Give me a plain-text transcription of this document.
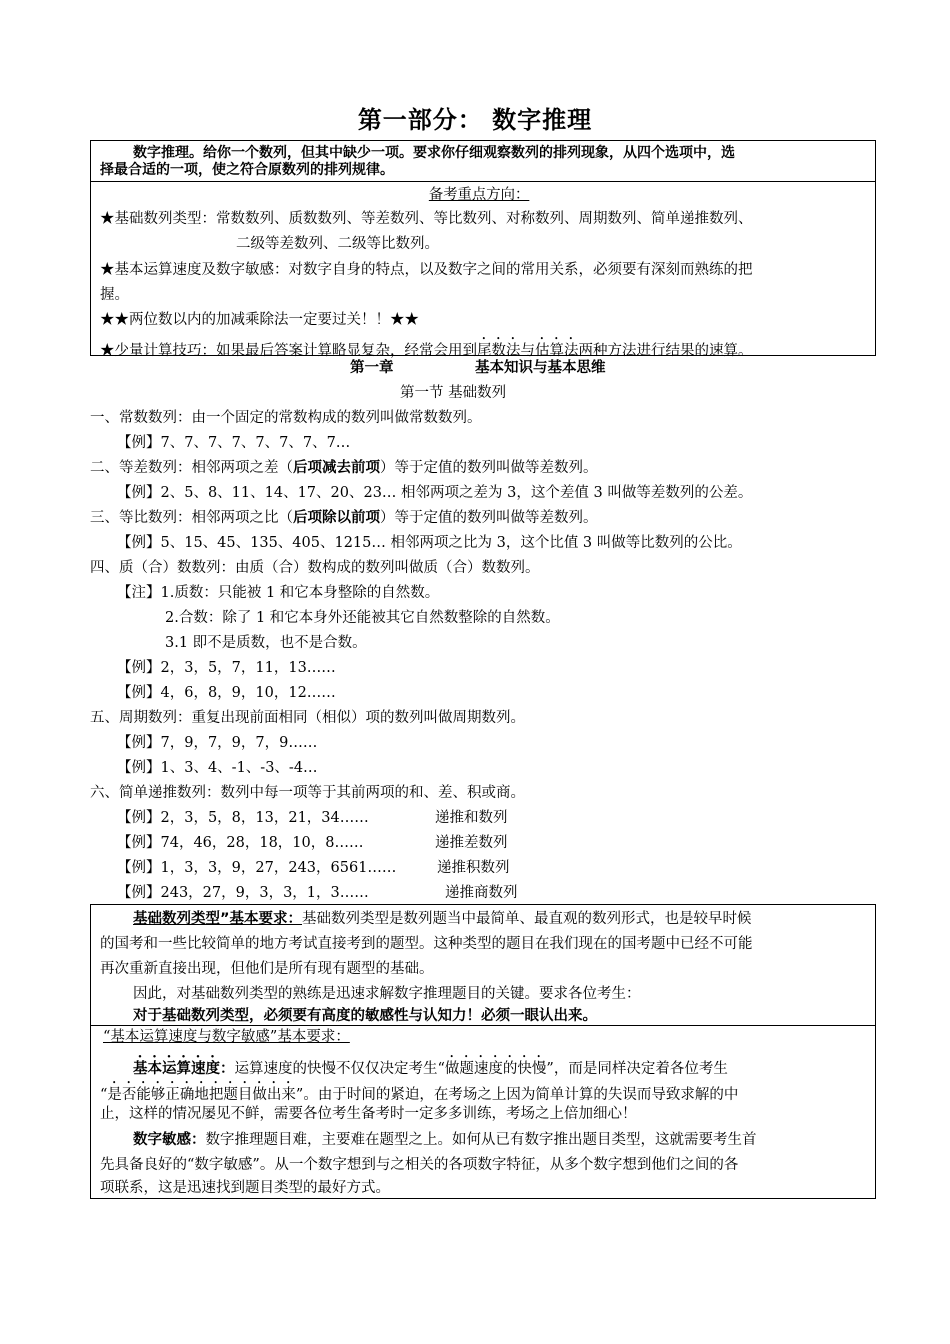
第一部分： 数字推理
数字推理。给你一个数列，但其中缺少一项。要求你仔细观察数列的排列现象，从四个选项中，选
择最合适的一项，使之符合原数列的排列规律。
备考重点方向：
★基础数列类型：常数数列、质数数列、等差数列、等比数列、对称数列、周期数列、简单递推数列、
二级等差数列、二级等比数列。
★基本运算速度及数字敏感：对数字自身的特点，以及数字之间的常用关系，必须要有深刻而熟练的把
握。
★★两位数以内的加减乘除法一定要过关！！★★
★少量计算技巧：如果最后答案计算略显复杂，经常会用到尾数法与估算法两种方法进行结果的速算。
第一章	基本知识与基本思维
第一节 基础数列
一、常数数列：由一个固定的常数构成的数列叫做常数数列。
【例】7、7、7、7、7、7、7、7…
二、等差数列：相邻两项之差（后项减去前项）等于定值的数列叫做等差数列。
【例】2、5、8、11、14、17、20、23… 相邻两项之差为 3，这个差值 3 叫做等差数列的公差。
三、等比数列：相邻两项之比（后项除以前项）等于定值的数列叫做等差数列。
【例】5、15、45、135、405、1215… 相邻两项之比为 3，这个比值 3 叫做等比数列的公比。
四、质（合）数数列：由质（合）数构成的数列叫做质（合）数数列。
【注】1.质数：只能被 1 和它本身整除的自然数。
2.合数：除了 1 和它本身外还能被其它自然数整除的自然数。
3.1 即不是质数，也不是合数。
【例】2，3，5，7，11，13……
【例】4，6，8，9，10，12……
五、周期数列：重复出现前面相同（相似）项的数列叫做周期数列。
【例】7，9，7，9，7，9……
【例】1、3、4、-1、-3、-4…
六、简单递推数列：数列中每一项等于其前两项的和、差、积或商。
【例】2，3，5，8，13，21，34……	递推和数列
【例】74，46，28，18，10，8……	递推差数列
【例】1，3，3，9，27，243，6561……	递推积数列
【例】243，27，9，3，3，1，3……	递推商数列
基础数列类型”基本要求：基础数列类型是数列题当中最简单、最直观的数列形式，也是较早时候
的国考和一些比较简单的地方考试直接考到的题型。这种类型的题目在我们现在的国考题中已经不可能
再次重新直接出现，但他们是所有现有题型的基础。
因此，对基础数列类型的熟练是迅速求解数字推理题目的关键。要求各位考生：
对于基础数列类型，必须要有高度的敏感性与认知力！必须一眼认出来。
“基本运算速度与数字敏感”基本要求：
基本运算速度：运算速度的快慢不仅仅决定考生“做题速度的快慢”，而是同样决定着各位考生
“是否能够正确地把题目做出来”。由于时间的紧迫，在考场之上因为简单计算的失误而导致求解的中
止，这样的情况屡见不鲜，需要各位考生备考时一定多多训练，考场之上倍加细心！
数字敏感：数字推理题目难，主要难在题型之上。如何从已有数字推出题目类型，这就需要考生首
先具备良好的“数字敏感”。从一个数字想到与之相关的各项数字特征，从多个数字想到他们之间的各
项联系，这是迅速找到题目类型的最好方式。
